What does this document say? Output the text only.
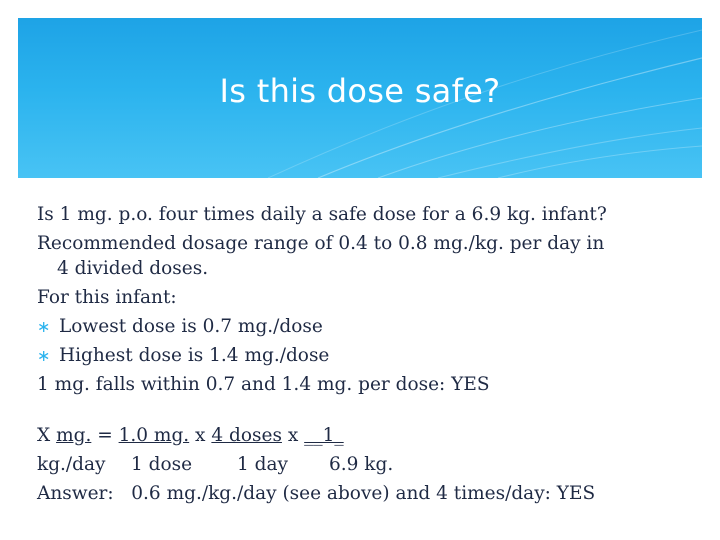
Is this dose safe?
Is 1 mg. p.o. four times daily a safe dose for a 6.9 kg. infant?
Recommended dosage range of 0.4 to 0.8 mg./kg. per day in
4 divided doses.
For this infant:
∗ Lowest dose is 0.7 mg./dose
∗ Highest dose is 1.4 mg./dose
1 mg. falls within 0.7 and 1.4 mg. per dose: YES
X mg. = 1.0 mg. x 4 doses x __1_
kg./day 1 dose 1 day 6.9 kg.
Answer:   0.6 mg./kg./day (see above) and 4 times/day: YES
